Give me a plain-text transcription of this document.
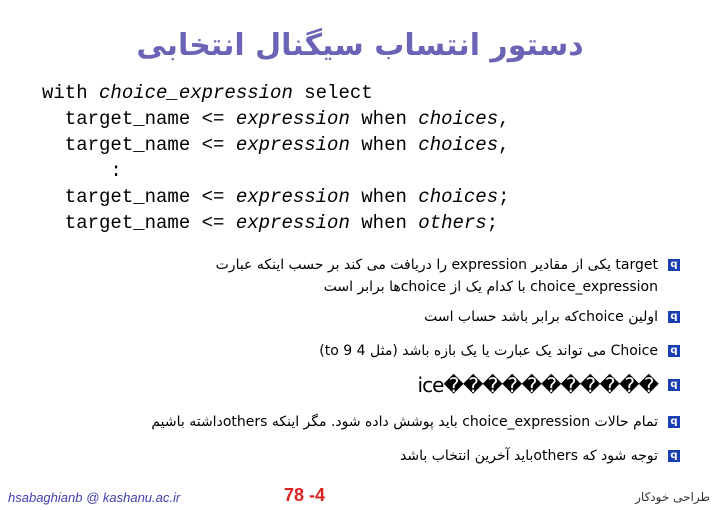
دستور انتساب سیگنال انتخابی
with choice_expression select
target_name <= expression when choices,
target_name <= expression when choices,
:
target_name <= expression when choices;
target_name <= expression when others;
q
target یکی از مقادیر expression را دریافت می کند بر حسب اینکه عبارت
choice_expression با کدام یک از choiceها برابر است
q
اولین choiceکه برابر باشد حساب است
q
Choice می تواند یک عبارت یا یک بازه باشد (مثل 4 to 9)
q
�����������ice
q
تمام حالات choice_expression باید پوشش داده شود. مگر اینکه othersداشته باشیم
q
توجه شود که othersباید آخرین انتخاب باشد
hsabaghianb @ kashanu.ac.ir	78 -4	طراحی خودکار
